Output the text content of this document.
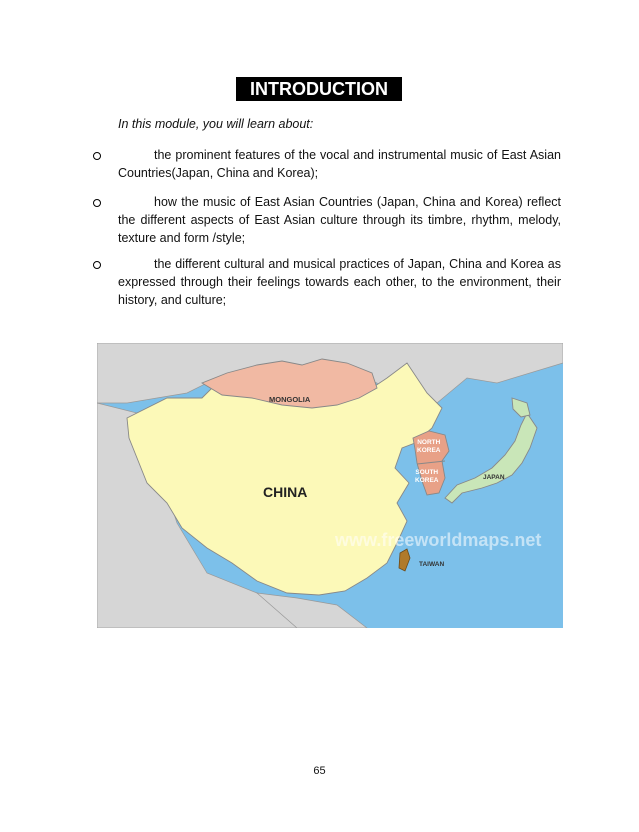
INTRODUCTION
In this module, you will learn about:
the prominent features of the vocal and instrumental music of East Asian Countries(Japan, China and Korea);
how the music of East Asian Countries (Japan, China and Korea) reflect the different aspects of East Asian culture through its timbre, rhythm, melody, texture and form /style;
the different cultural and musical practices of Japan, China and Korea as expressed through their feelings towards each other, to the environment, their history, and culture;
www.freeworldmaps.net
MONGOLIA
CHINA
NORTH
KOREA
SOUTH
KOREA	JAPAN
TAIWAN
65
